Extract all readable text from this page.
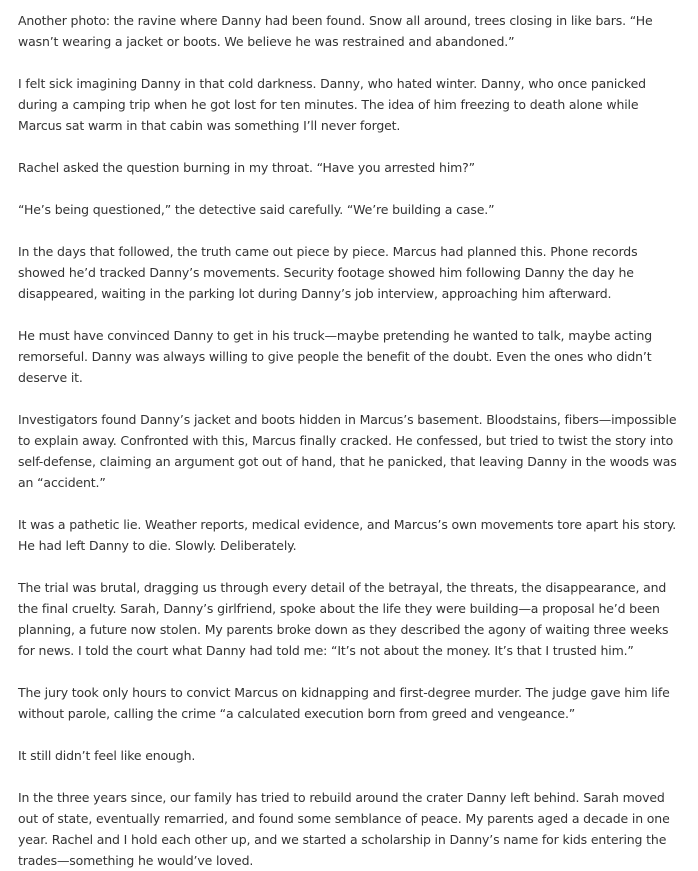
Another photo: the ravine where Danny had been found. Snow all around, trees closing in like bars. “He wasn’t wearing a jacket or boots. We believe he was restrained and abandoned.”

I felt sick imagining Danny in that cold darkness. Danny, who hated winter. Danny, who once panicked during a camping trip when he got lost for ten minutes. The idea of him freezing to death alone while Marcus sat warm in that cabin was something I’ll never forget.

Rachel asked the question burning in my throat. “Have you arrested him?”

“He’s being questioned,” the detective said carefully. “We’re building a case.”

In the days that followed, the truth came out piece by piece. Marcus had planned this. Phone records showed he’d tracked Danny’s movements. Security footage showed him following Danny the day he disappeared, waiting in the parking lot during Danny’s job interview, approaching him afterward.

He must have convinced Danny to get in his truck—maybe pretending he wanted to talk, maybe acting remorseful. Danny was always willing to give people the benefit of the doubt. Even the ones who didn’t deserve it.

Investigators found Danny’s jacket and boots hidden in Marcus’s basement. Bloodstains, fibers—impossible to explain away. Confronted with this, Marcus finally cracked. He confessed, but tried to twist the story into self-defense, claiming an argument got out of hand, that he panicked, that leaving Danny in the woods was an “accident.”

It was a pathetic lie. Weather reports, medical evidence, and Marcus’s own movements tore apart his story. He had left Danny to die. Slowly. Deliberately.

The trial was brutal, dragging us through every detail of the betrayal, the threats, the disappearance, and the final cruelty. Sarah, Danny’s girlfriend, spoke about the life they were building—a proposal he’d been planning, a future now stolen. My parents broke down as they described the agony of waiting three weeks for news. I told the court what Danny had told me: “It’s not about the money. It’s that I trusted him.”

The jury took only hours to convict Marcus on kidnapping and first-degree murder. The judge gave him life without parole, calling the crime “a calculated execution born from greed and vengeance.”

It still didn’t feel like enough.

In the three years since, our family has tried to rebuild around the crater Danny left behind. Sarah moved out of state, eventually remarried, and found some semblance of peace. My parents aged a decade in one year. Rachel and I hold each other up, and we started a scholarship in Danny’s name for kids entering the trades—something he would’ve loved.
